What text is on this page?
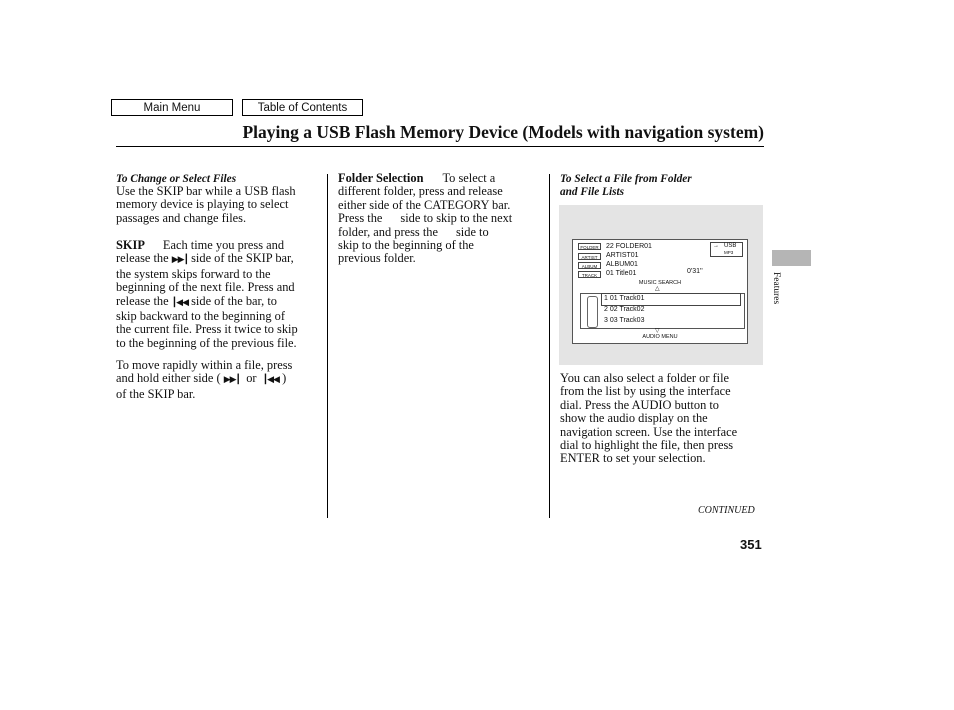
Main Menu	Table of Contents
Playing a USB Flash Memory Device (Models with navigation system)
To Change or Select Files
Use the SKIP bar while a USB flash
memory device is playing to select
passages and change files.
SKIP Each time you press and
release the ▶▶┃ side of the SKIP bar,
the system skips forward to the
beginning of the next file. Press and
release the ┃◀◀ side of the bar, to
skip backward to the beginning of
the current file. Press it twice to skip
to the beginning of the previous file.
To move rapidly within a file, press
and hold either side ( ▶▶┃ or ┃◀◀ )
of the SKIP bar.
Folder Selection To select a
different folder, press and release
either side of the CATEGORY bar.
Press the side to skip to the next
folder, and press the side to
skip to the beginning of the
previous folder.
To Select a File from Folder
and File Lists
FOLDER
ARTIST
ALBUM
TRACK
22 FOLDER01
ARTIST01
ALBUM01
01 Title01
→ USB
MP3
0'31''
MUSIC SEARCH
△
1 01 Track01
2 02 Track02
3 03 Track03
▽
AUDIO MENU
You can also select a folder or file
from the list by using the interface
dial. Press the AUDIO button to
show the audio display on the
navigation screen. Use the interface
dial to highlight the file, then press
ENTER to set your selection.
CONTINUED
351
Features
